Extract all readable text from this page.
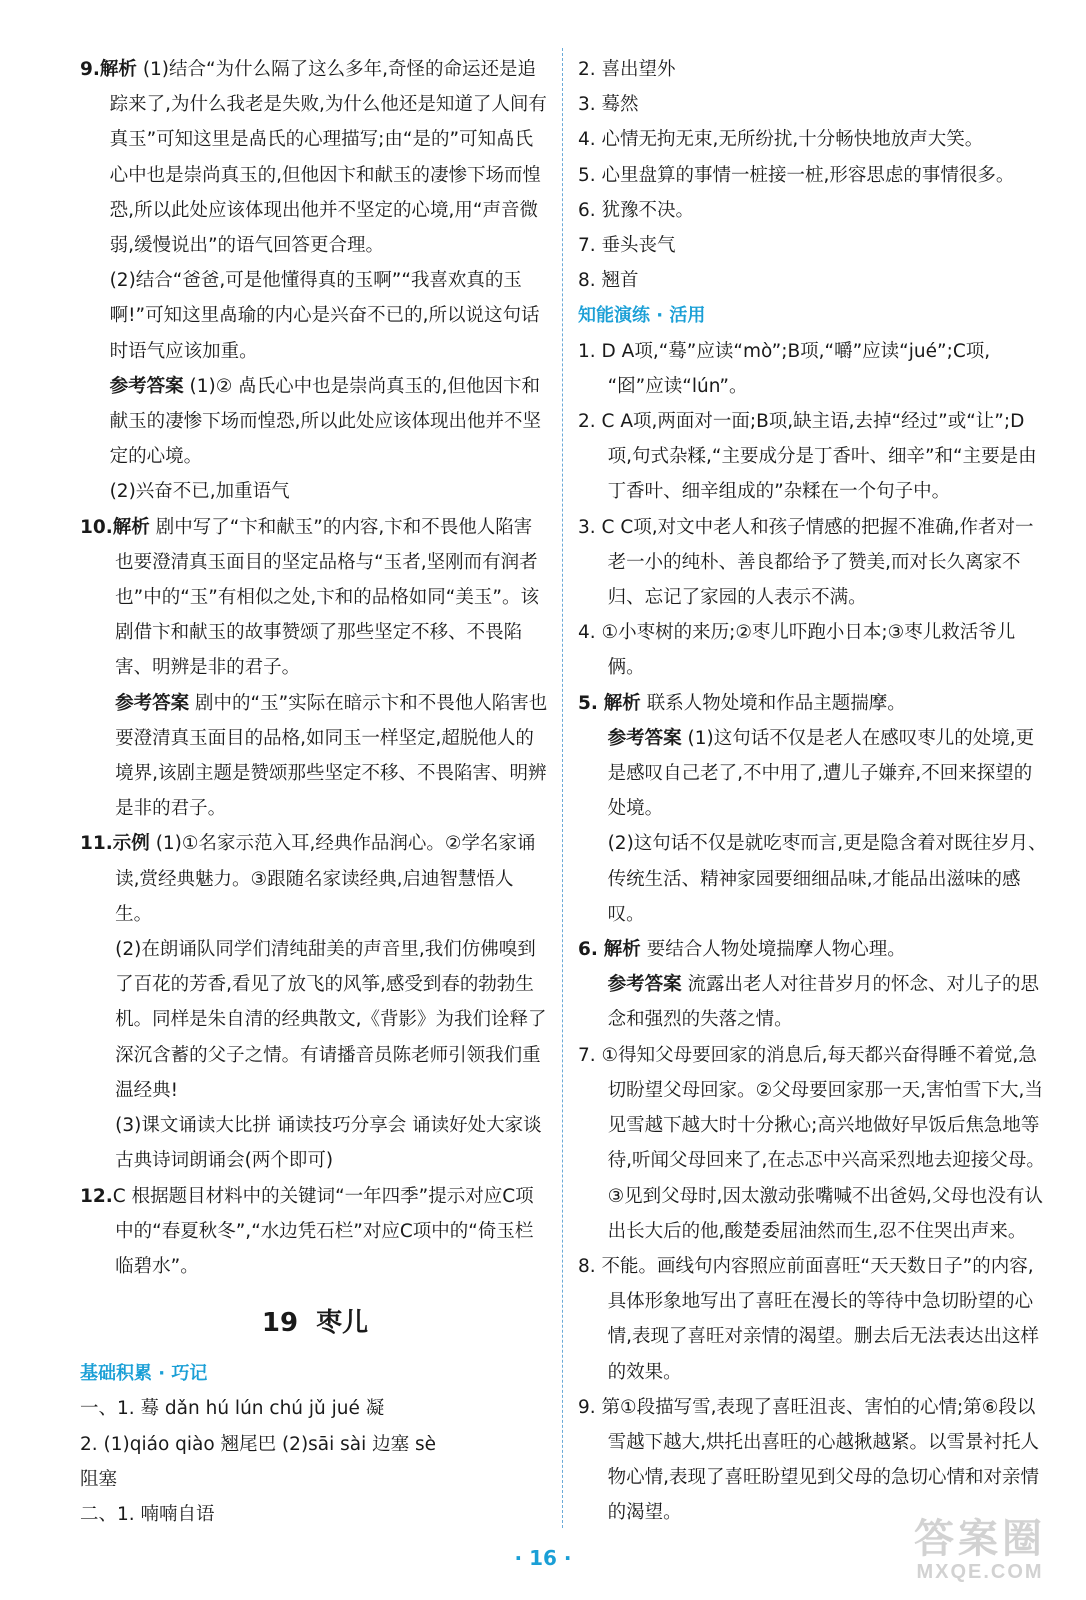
9.解析 (1)结合“为什么隔了这么多年,奇怪的命运还是追踪来了,为什么我老是失败,为什么他还是知道了人间有真玉”可知这里是卨氏的心理描写;由“是的”可知卨氏心中也是崇尚真玉的,但他因卞和献玉的凄惨下场而惶恐,所以此处应该体现出他并不坚定的心境,用“声音微弱,缓慢说出”的语气回答更合理。

(2)结合“爸爸,可是他懂得真的玉啊”“我喜欢真的玉啊!”可知这里卨瑜的内心是兴奋不已的,所以说这句话时语气应该加重。

参考答案 (1)② 卨氏心中也是崇尚真玉的,但他因卞和献玉的凄惨下场而惶恐,所以此处应该体现出他并不坚定的心境。

(2)兴奋不已,加重语气

10.解析 剧中写了“卞和献玉”的内容,卞和不畏他人陷害也要澄清真玉面目的坚定品格与“玉者,坚刚而有润者也”中的“玉”有相似之处,卞和的品格如同“美玉”。该剧借卞和献玉的故事赞颂了那些坚定不移、不畏陷害、明辨是非的君子。

参考答案 剧中的“玉”实际在暗示卞和不畏他人陷害也要澄清真玉面目的品格,如同玉一样坚定,超脱他人的境界,该剧主题是赞颂那些坚定不移、不畏陷害、明辨是非的君子。

11.示例 (1)①名家示范入耳,经典作品润心。②学名家诵读,赏经典魅力。③跟随名家读经典,启迪智慧悟人生。

(2)在朗诵队同学们清纯甜美的声音里,我们仿佛嗅到了百花的芳香,看见了放飞的风筝,感受到春的勃勃生机。同样是朱自清的经典散文,《背影》为我们诠释了深沉含蓄的父子之情。有请播音员陈老师引领我们重温经典!

(3)课文诵读大比拼 诵读技巧分享会 诵读好处大家谈 古典诗词朗诵会(两个即可)

12.C 根据题目材料中的关键词“一年四季”提示对应C项中的“春夏秋冬”,“水边凭石栏”对应C项中的“倚玉栏临碧水”。

19 枣儿

基础积累 · 巧记

一、1. 蓦 dǎn hú lún chú jǔ jué 凝

2. (1)qiáo qiào 翘尾巴 (2)sāi sài 边塞 sè

阻塞

二、1. 喃喃自语

2. 喜出望外

3. 蓦然

4. 心情无拘无束,无所纷扰,十分畅快地放声大笑。

5. 心里盘算的事情一桩接一桩,形容思虑的事情很多。

6. 犹豫不决。

7. 垂头丧气

8. 翘首

知能演练 · 活用

1. D A项,“蓦”应读“mò”;B项,“嚼”应读“jué”;C项,

“囵”应读“lún”。

2. C A项,两面对一面;B项,缺主语,去掉“经过”或“让”;D项,句式杂糅,“主要成分是丁香叶、细辛”和“主要是由丁香叶、细辛组成的”杂糅在一个句子中。

3. C C项,对文中老人和孩子情感的把握不准确,作者对一老一小的纯朴、善良都给予了赞美,而对长久离家不归、忘记了家园的人表示不满。

4. ①小枣树的来历;②枣儿吓跑小日本;③枣儿救活爷儿俩。

5. 解析 联系人物处境和作品主题揣摩。

参考答案 (1)这句话不仅是老人在感叹枣儿的处境,更是感叹自己老了,不中用了,遭儿子嫌弃,不回来探望的处境。

(2)这句话不仅是就吃枣而言,更是隐含着对既往岁月、传统生活、精神家园要细细品味,才能品出滋味的感叹。

6. 解析 要结合人物处境揣摩人物心理。

参考答案 流露出老人对往昔岁月的怀念、对儿子的思念和强烈的失落之情。

7. ①得知父母要回家的消息后,每天都兴奋得睡不着觉,急切盼望父母回家。②父母要回家那一天,害怕雪下大,当见雪越下越大时十分揪心;高兴地做好早饭后焦急地等待,听闻父母回来了,在忐忑中兴高采烈地去迎接父母。③见到父母时,因太激动张嘴喊不出爸妈,父母也没有认出长大后的他,酸楚委屈油然而生,忍不住哭出声来。

8. 不能。画线句内容照应前面喜旺“天天数日子”的内容,具体形象地写出了喜旺在漫长的等待中急切盼望的心情,表现了喜旺对亲情的渴望。删去后无法表达出这样的效果。

9. 第①段描写雪,表现了喜旺沮丧、害怕的心情;第⑥段以雪越下越大,烘托出喜旺的心越揪越紧。以雪景衬托人物心情,表现了喜旺盼望见到父母的急切心情和对亲情的渴望。

· 16 ·	答案圈
MXQE.COM
